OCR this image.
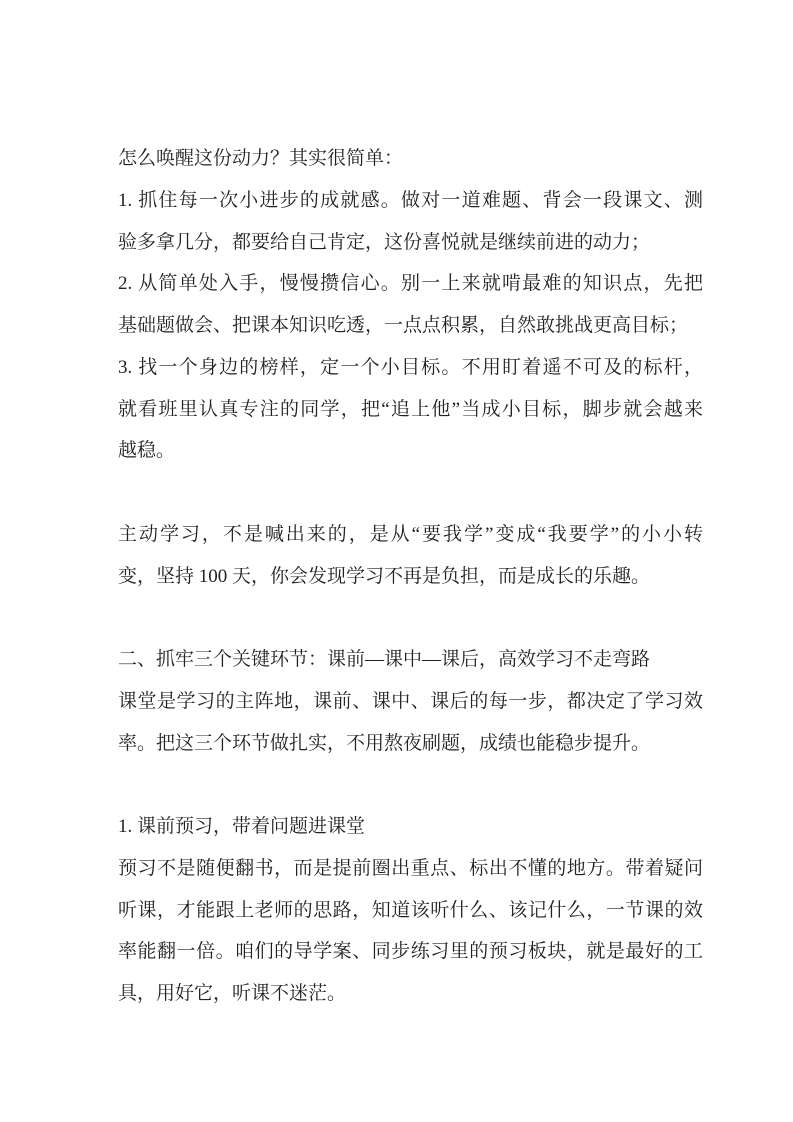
怎么唤醒这份动力？其实很简单：
1. 抓住每一次小进步的成就感。做对一道难题、背会一段课文、测
验多拿几分，都要给自己肯定，这份喜悦就是继续前进的动力；
2. 从简单处入手，慢慢攒信心。别一上来就啃最难的知识点，先把
基础题做会、把课本知识吃透，一点点积累，自然敢挑战更高目标；
3. 找一个身边的榜样，定一个小目标。不用盯着遥不可及的标杆，
就看班里认真专注的同学，把“追上他”当成小目标，脚步就会越来
越稳。
主动学习，不是喊出来的，是从“要我学”变成“我要学”的小小转
变，坚持 100 天，你会发现学习不再是负担，而是成长的乐趣。
二、抓牢三个关键环节：课前—课中—课后，高效学习不走弯路
课堂是学习的主阵地，课前、课中、课后的每一步，都决定了学习效
率。把这三个环节做扎实，不用熬夜刷题，成绩也能稳步提升。
1. 课前预习，带着问题进课堂
预习不是随便翻书，而是提前圈出重点、标出不懂的地方。带着疑问
听课，才能跟上老师的思路，知道该听什么、该记什么，一节课的效
率能翻一倍。咱们的导学案、同步练习里的预习板块，就是最好的工
具，用好它，听课不迷茫。
